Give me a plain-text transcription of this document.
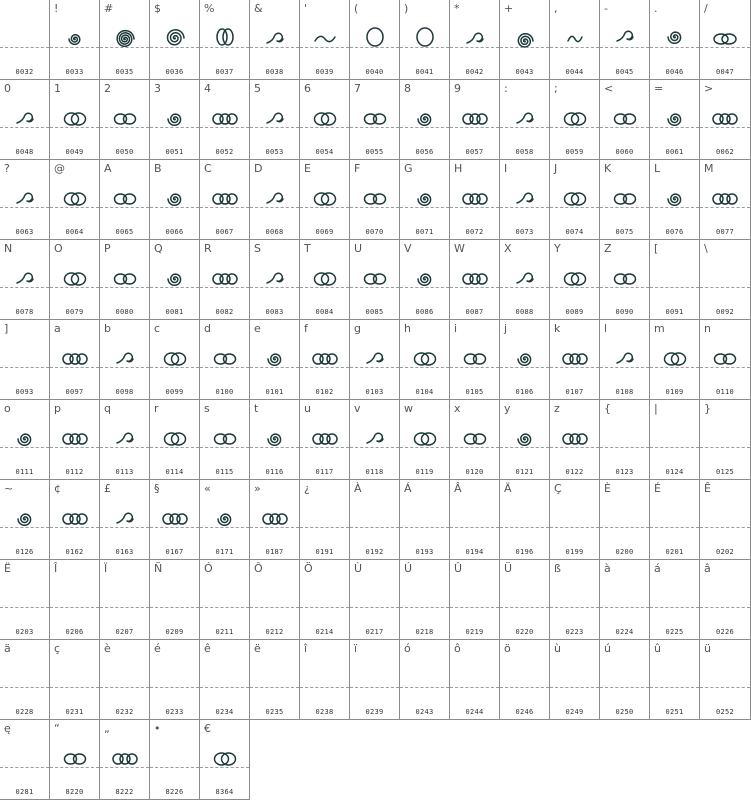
0032
!
0033
#
0035
$
0036
%
0037
&
0038
'
0039
(
0040
)
0041
*
0042
+
0043
,
0044
-
0045
.
0046
/
0047
0
0048
1
0049
2
0050
3
0051
4
0052
5
0053
6
0054
7
0055
8
0056
9
0057
:
0058
;
0059
<
0060
=
0061
>
0062
?
0063
@
0064
A
0065
B
0066
C
0067
D
0068
E
0069
F
0070
G
0071
H
0072
I
0073
J
0074
K
0075
L
0076
M
0077
N
0078
O
0079
P
0080
Q
0081
R
0082
S
0083
T
0084
U
0085
V
0086
W
0087
X
0088
Y
0089
Z
0090
[
0091
\
0092
]
0093
a
0097
b
0098
c
0099
d
0100
e
0101
f
0102
g
0103
h
0104
i
0105
j
0106
k
0107
l
0108
m
0109
n
0110
o
0111
p
0112
q
0113
r
0114
s
0115
t
0116
u
0117
v
0118
w
0119
x
0120
y
0121
z
0122
{
0123
|
0124
}
0125
~
0126
¢
0162
£
0163
§
0167
«
0171
»
0187
¿
0191
À
0192
Á
0193
Â
0194
Ä
0196
Ç
0199
È
0200
É
0201
Ê
0202
Ë
0203
Î
0206
Ï
0207
Ñ
0209
Ó
0211
Ô
0212
Ö
0214
Ù
0217
Ú
0218
Û
0219
Ü
0220
ß
0223
à
0224
á
0225
â
0226
ä
0228
ç
0231
è
0232
é
0233
ê
0234
ë
0235
î
0238
ï
0239
ó
0243
ô
0244
ö
0246
ù
0249
ú
0250
û
0251
ü
0252
ę
0281
“
8220
„
8222
•
8226
€
8364
